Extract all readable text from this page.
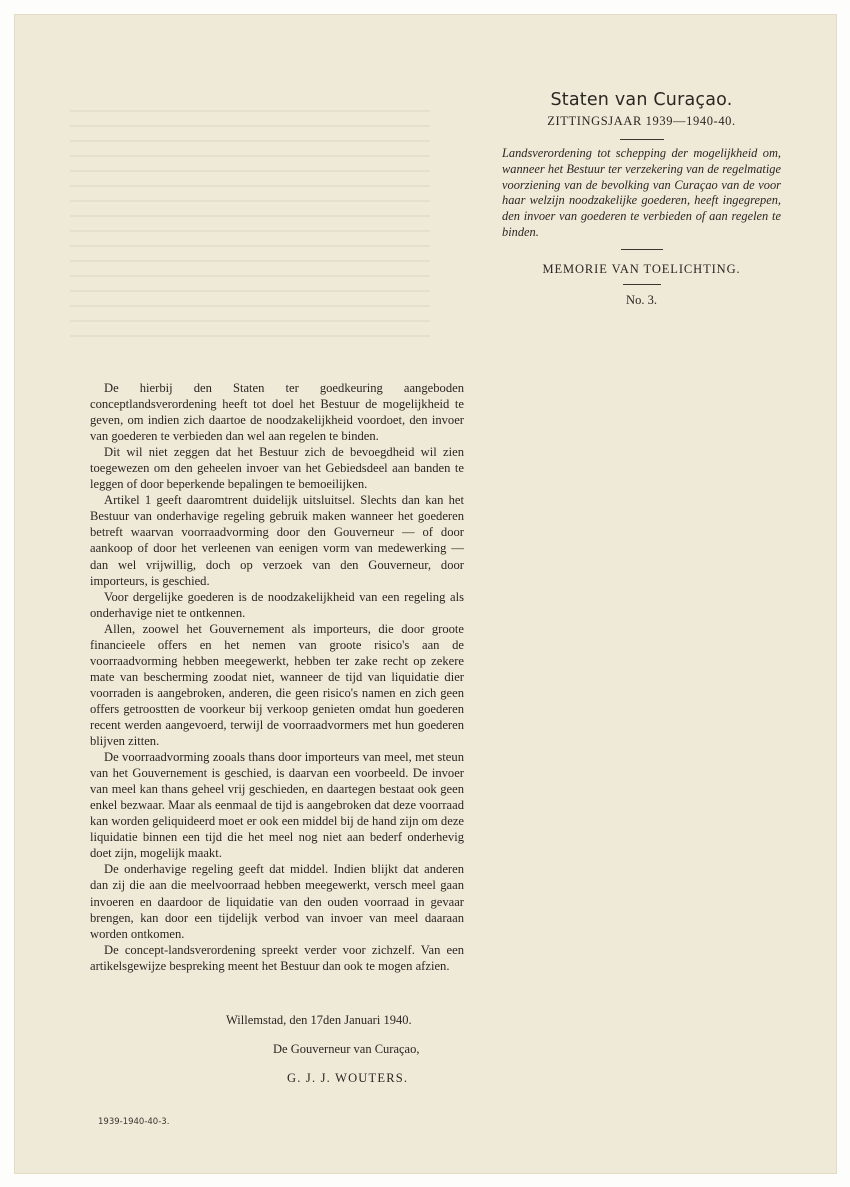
Staten van Curaçao.
ZITTINGSJAAR 1939—1940-40.
Landsverordening tot schepping der mogelijkheid om, wanneer het Bestuur ter verzekering van de regelmatige voorziening van de bevolking van Curaçao van de voor haar welzijn noodzakelijke goederen, heeft ingegrepen, den invoer van goederen te verbieden of aan regelen te binden.
MEMORIE VAN TOELICHTING.
No. 3.

De hierbij den Staten ter goedkeuring aangeboden conceptlandsverordening heeft tot doel het Bestuur de mogelijkheid te geven, om indien zich daartoe de noodzakelijkheid voordoet, den invoer van goederen te verbieden dan wel aan regelen te binden.

Dit wil niet zeggen dat het Bestuur zich de bevoegdheid wil zien toegewezen om den geheelen invoer van het Gebiedsdeel aan banden te leggen of door beperkende bepalingen te bemoeilijken.

Artikel 1 geeft daaromtrent duidelijk uitsluitsel. Slechts dan kan het Bestuur van onderhavige regeling gebruik maken wanneer het goederen betreft waarvan voorraadvorming door den Gouverneur — of door aankoop of door het verleenen van eenigen vorm van medewerking — dan wel vrijwillig, doch op verzoek van den Gouverneur, door importeurs, is geschied.

Voor dergelijke goederen is de noodzakelijkheid van een regeling als onderhavige niet te ontkennen.

Allen, zoowel het Gouvernement als importeurs, die door groote financieele offers en het nemen van groote risico's aan de voorraadvorming hebben meegewerkt, hebben ter zake recht op zekere mate van bescherming zoodat niet, wanneer de tijd van liquidatie dier voorraden is aangebroken, anderen, die geen risico's namen en zich geen offers getroostten de voorkeur bij verkoop genieten omdat hun goederen recent werden aangevoerd, terwijl de voorraadvormers met hun goederen blijven zitten.

De voorraadvorming zooals thans door importeurs van meel, met steun van het Gouvernement is geschied, is daarvan een voorbeeld. De invoer van meel kan thans geheel vrij geschieden, en daartegen bestaat ook geen enkel bezwaar. Maar als eenmaal de tijd is aangebroken dat deze voorraad kan worden geliquideerd moet er ook een middel bij de hand zijn om deze liquidatie binnen een tijd die het meel nog niet aan bederf onderhevig doet zijn, mogelijk maakt.

De onderhavige regeling geeft dat middel. Indien blijkt dat anderen dan zij die aan die meelvoorraad hebben meegewerkt, versch meel gaan invoeren en daardoor de liquidatie van den ouden voorraad in gevaar brengen, kan door een tijdelijk verbod van invoer van meel daaraan worden ontkomen.

De concept-landsverordening spreekt verder voor zichzelf. Van een artikelsgewijze bespreking meent het Bestuur dan ook te mogen afzien.

Willemstad, den 17den Januari 1940.
De Gouverneur van Curaçao,
G. J. J. WOUTERS.
1939-1940-40-3.
